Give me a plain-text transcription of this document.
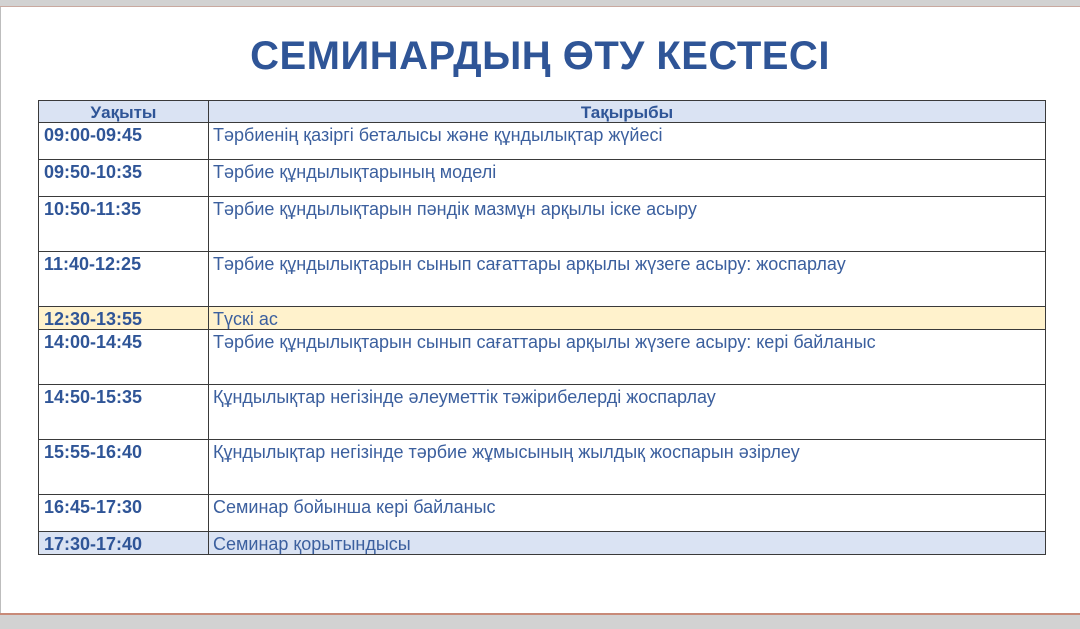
СЕМИНАРДЫҢ ӨТУ КЕСТЕСІ
Уақыты	Тақырыбы
09:00-09:45	Тәрбиенің қазіргі беталысы және құндылықтар жүйесі
09:50-10:35	Тәрбие құндылықтарының моделі
10:50-11:35	Тәрбие құндылықтарын пәндік мазмұн арқылы іске асыру
11:40-12:25	Тәрбие құндылықтарын сынып сағаттары арқылы жүзеге асыру: жоспарлау
12:30-13:55	Түскі ас
14:00-14:45	Тәрбие құндылықтарын сынып сағаттары арқылы жүзеге асыру: кері байланыс
14:50-15:35	Құндылықтар негізінде әлеуметтік тәжірибелерді жоспарлау
15:55-16:40	Құндылықтар негізінде тәрбие жұмысының жылдық жоспарын әзірлеу
16:45-17:30	Семинар бойынша кері байланыс
17:30-17:40	Семинар қорытындысы
